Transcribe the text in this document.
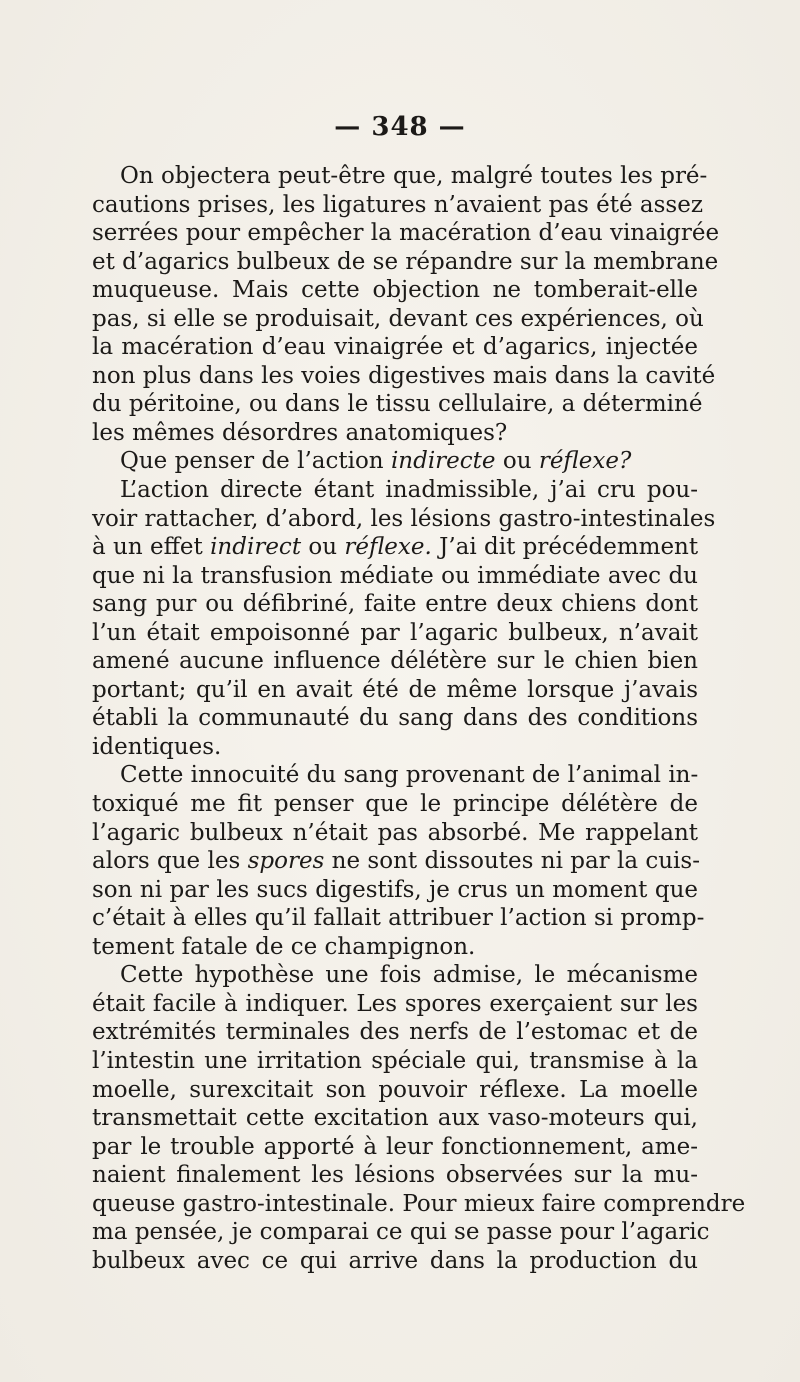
— 348 —
On objectera peut-être que, malgré toutes les pré-
cautions prises, les ligatures n’avaient pas été assez
serrées pour empêcher la macération d’eau vinaigrée
et d’agarics bulbeux de se répandre sur la membrane
muqueuse. Mais cette objection ne tomberait-elle
pas, si elle se produisait, devant ces expériences, où
la macération d’eau vinaigrée et d’agarics, injectée
non plus dans les voies digestives mais dans la cavité
du péritoine, ou dans le tissu cellulaire, a déterminé
les mêmes désordres anatomiques?
Que penser de l’action indirecte ou réflexe?
L’action directe étant inadmissible, j’ai cru pou-
voir rattacher, d’abord, les lésions gastro-intestinales
à un effet indirect ou réflexe. J’ai dit précédemment
que ni la transfusion médiate ou immédiate avec du
sang pur ou défibriné, faite entre deux chiens dont
l’un était empoisonné par l’agaric bulbeux, n’avait
amené aucune influence délétère sur le chien bien
portant; qu’il en avait été de même lorsque j’avais
établi la communauté du sang dans des conditions
identiques.
Cette innocuité du sang provenant de l’animal in-
toxiqué me fit penser que le principe délétère de
l’agaric bulbeux n’était pas absorbé. Me rappelant
alors que les spores ne sont dissoutes ni par la cuis-
son ni par les sucs digestifs, je crus un moment que
c’était à elles qu’il fallait attribuer l’action si promp-
tement fatale de ce champignon.
Cette hypothèse une fois admise, le mécanisme
était facile à indiquer. Les spores exerçaient sur les
extrémités terminales des nerfs de l’estomac et de
l’intestin une irritation spéciale qui, transmise à la
moelle, surexcitait son pouvoir réflexe. La moelle
transmettait cette excitation aux vaso-moteurs qui,
par le trouble apporté à leur fonctionnement, ame-
naient finalement les lésions observées sur la mu-
queuse gastro-intestinale. Pour mieux faire comprendre
ma pensée, je comparai ce qui se passe pour l’agaric
bulbeux avec ce qui arrive dans la production du
